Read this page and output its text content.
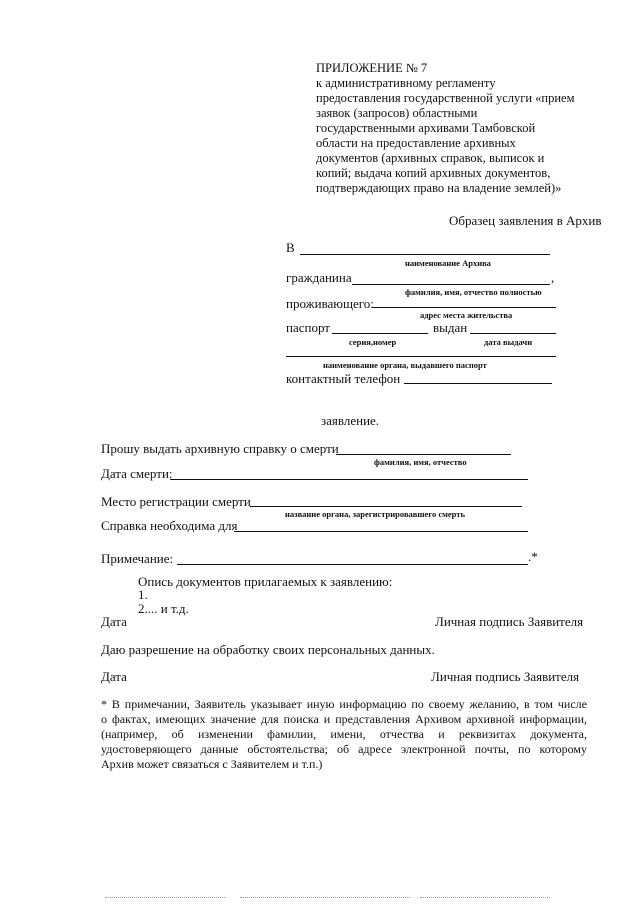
ПРИЛОЖЕНИЕ № 7
к административному регламенту
предоставления государственной услуги «прием
заявок (запросов) областными
государственными архивами Тамбовской
области на предоставление архивных
документов (архивных справок, выписок и
копий; выдача копий архивных документов,
подтверждающих право на владение землей)»
Образец заявления в Архив
В
наименование Архива
гражданина	,
фамилия, имя, отчество полностью
проживающего:
адрес места жительства
паспорт	выдан
серия,номер	дата выдачи
наименование органа, выдавшего паспорт
контактный телефон
заявление.
Прошу выдать архивную справку о смерти
фамилия, имя, отчество
Дата смерти:
Место регистрации смерти
название органа, зарегистрировавшего смерть
Справка необходима для
Примечание:	.*
Опись документов прилагаемых к заявлению:
1.
2.... и т.д.
Дата	Личная подпись Заявителя
Даю разрешение на обработку своих персональных данных.
Дата	Личная подпись Заявителя
* В примечании, Заявитель указывает иную информацию по своему желанию, в том числе
о фактах, имеющих значение для поиска и представления Архивом архивной информации,
(например, об изменении фамилии, имени, отчества и реквизитах документа,
удостоверяющего данные обстоятельства; об адресе электронной почты, по которому
Архив может связаться с Заявителем и т.п.)
